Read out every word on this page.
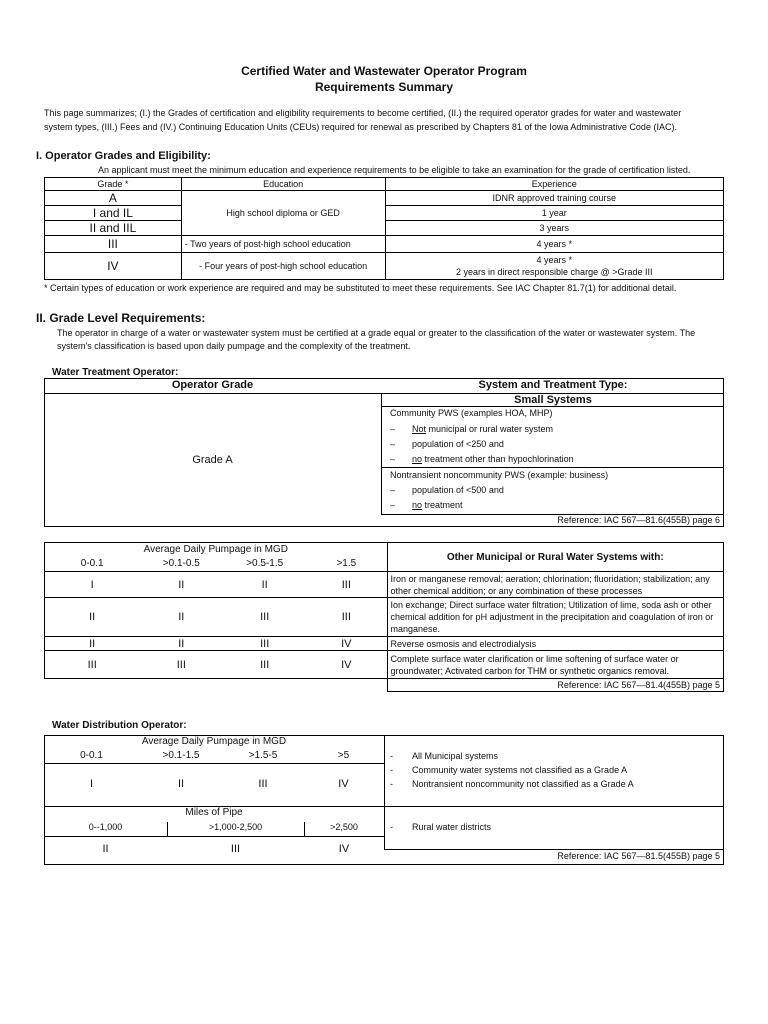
Certified Water and Wastewater Operator Program
Requirements Summary
This page summarizes; (I.) the Grades of certification and eligibility requirements to become certified, (II.) the required operator grades for water and wastewater
system types, (III.) Fees and (IV.) Continuing Education Units (CEUs) required for renewal as prescribed by Chapters 81 of the Iowa Administrative Code (IAC).
I. Operator Grades and Eligibility:
An applicant must meet the minimum education and experience requirements to be eligible to take an examination for the grade of certification listed.
Grade *	Education	Experience
A	High school diploma or GED	IDNR approved training course
I and IL		1 year
II and IIL		3 years
III	- Two years of post-high school education	4 years *
IV	- Four years of post-high school education	4 years *
2 years in direct responsible charge @ >Grade III
* Certain types of education or work experience are required and may be substituted to meet these requirements. See IAC Chapter 81.7(1) for additional detail.
II. Grade Level Requirements:
The operator in charge of a water or wastewater system must be certified at a grade equal or greater to the classification of the water or wastewater system. The
system's classification is based upon daily pumpage and the complexity of the treatment.
Water Treatment Operator:
Operator Grade	System and Treatment Type:
Small Systems
Grade A
Community PWS (examples HOA, MHP)
– Not municipal or rural water system
– population of <250 and
– no treatment other than hypochlorination
Nontransient noncommunity PWS (example: business)
– population of <500 and
– no treatment
Reference: IAC 567—81.6(455B) page 6
Average Daily Pumpage in MGD				Other Municipal or Rural Water Systems with:
0-0.1	>0.1-0.5	>0.5-1.5	>1.5	
I	II	II	III	Iron or manganese removal; aeration; chlorination; fluoridation; stabilization; any other chemical addition; or any combination of these processes
II	II	III	III	Ion exchange; Direct surface water filtration; Utilization of lime, soda ash or other chemical addition for pH adjustment in the precipitation and coagulation of iron or manganese.
II	II	III	IV	Reverse osmosis and electrodialysis
III	III	III	IV	Complete surface water clarification or lime softening of surface water or groundwater; Activated carbon for THM or synthetic organics removal.
				Reference: IAC 567—81.4(455B) page 5
Water Distribution Operator:
Average Daily Pumpage in MGD
0-0.1	>0.1-1.5	>1.5-5	>5
I	II	III	IV
- All Municipal systems
- Community water systems not classified as a Grade A
- Nontransient noncommunity not classified as a Grade A
Miles of Pipe
0--1,000	>1,000-2,500	>2,500
II	III	IV
- Rural water districts
Reference: IAC 567—81.5(455B) page 5
